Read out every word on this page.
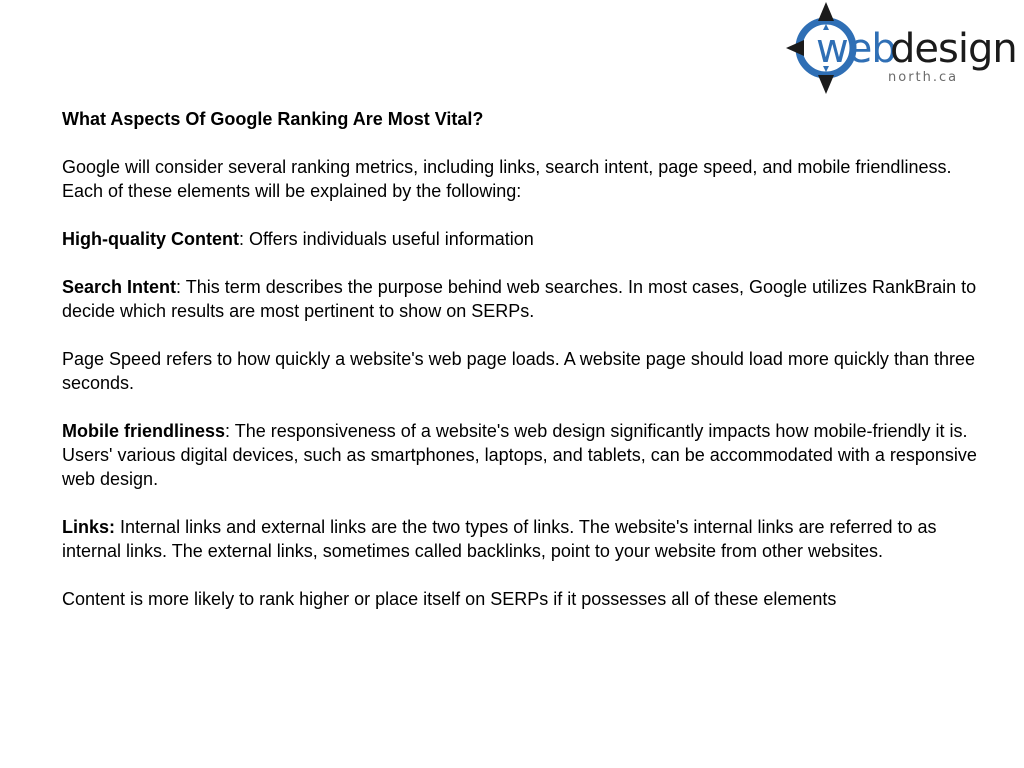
web
design
north.ca

What Aspects Of Google Ranking Are Most Vital?

Google will consider several ranking metrics, including links, search intent, page speed, and mobile friendliness. Each of these elements will be explained by the following:

High-quality Content: Offers individuals useful information

Search Intent: This term describes the purpose behind web searches. In most cases, Google utilizes RankBrain to decide which results are most pertinent to show on SERPs.

Page Speed refers to how quickly a website's web page loads. A website page should load more quickly than three seconds.

Mobile friendliness: The responsiveness of a website's web design significantly impacts how mobile-friendly it is. Users' various digital devices, such as smartphones, laptops, and tablets, can be accommodated with a responsive web design.

Links: Internal links and external links are the two types of links. The website's internal links are referred to as internal links. The external links, sometimes called backlinks, point to your website from other websites.

Content is more likely to rank higher or place itself on SERPs if it possesses all of these elements
